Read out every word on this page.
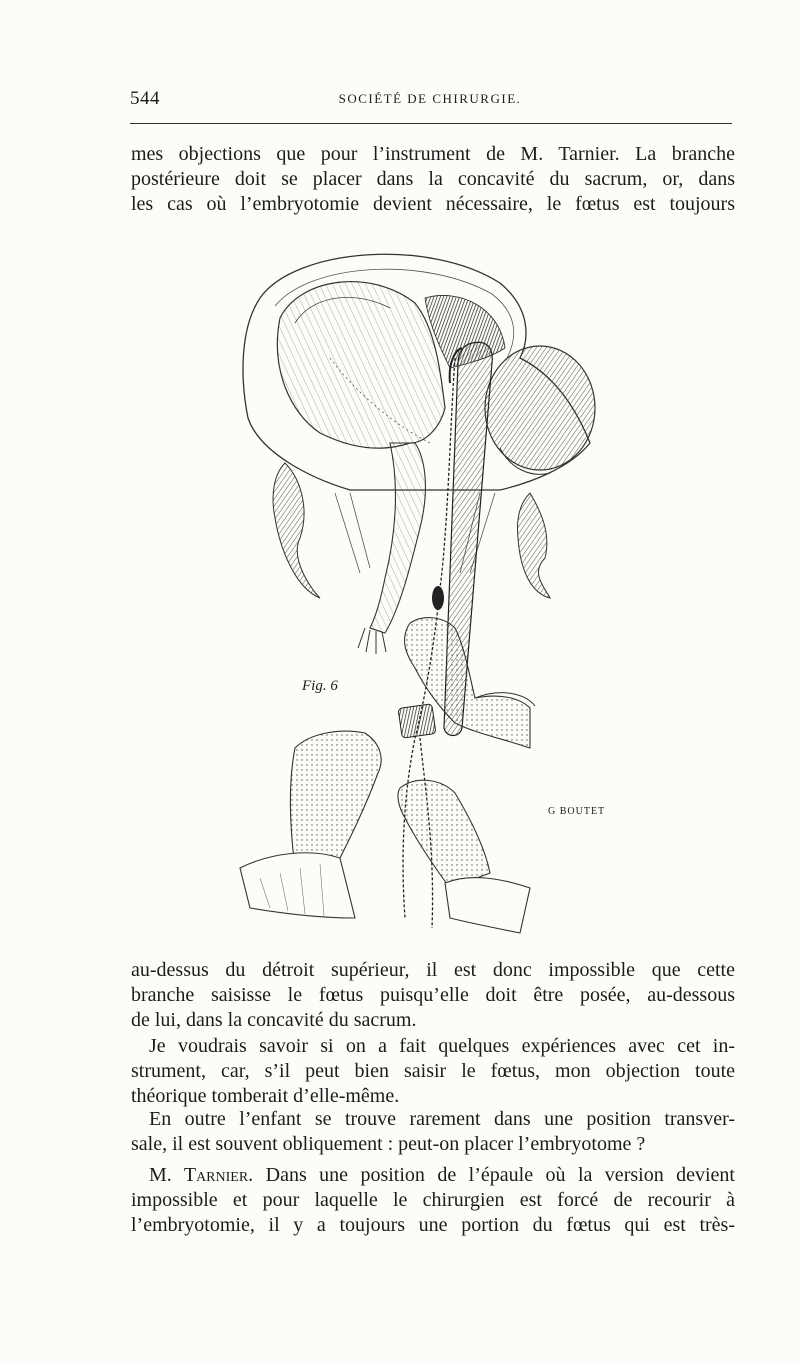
544	SOCIÉTÉ DE CHIRURGIE.

mes objections que pour l’instrument de M. Tarnier. La branche
postérieure doit se placer dans la concavité du sacrum, or, dans
les cas où l’embryotomie devient nécessaire, le fœtus est toujours

Fig. 6
G BOUTET

au-dessus du détroit supérieur, il est donc impossible que cette
branche saisisse le fœtus puisqu’elle doit être posée, au-dessous
de lui, dans la concavité du sacrum.

Je voudrais savoir si on a fait quelques expériences avec cet in-
strument, car, s’il peut bien saisir le fœtus, mon objection toute
théorique tomberait d’elle-même.

En outre l’enfant se trouve rarement dans une position transver-
sale, il est souvent obliquement : peut-on placer l’embryotome ?

M. Tarnier. Dans une position de l’épaule où la version devient
impossible et pour laquelle le chirurgien est forcé de recourir à
l’embryotomie, il y a toujours une portion du fœtus qui est très-
